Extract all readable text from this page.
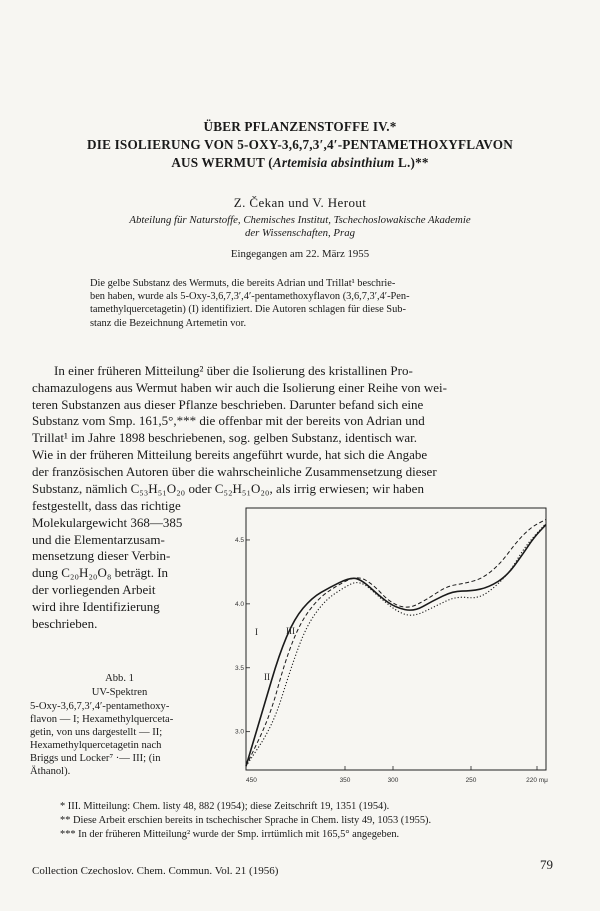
ÜBER PFLANZENSTOFFE IV.*
DIE ISOLIERUNG VON 5-OXY-3,6,7,3′,4′-PENTAMETHOXYFLAVON
AUS WERMUT (Artemisia absinthium L.)**
Z. Čekan und V. Herout
Abteilung für Naturstoffe, Chemisches Institut, Tschechoslowakische Akademie
der Wissenschaften, Prag
Eingegangen am 22. März 1955
Die gelbe Substanz des Wermuts, die bereits Adrian und Trillat¹ beschrie-
ben haben, wurde als 5-Oxy-3,6,7,3′,4′-pentamethoxyflavon (3,6,7,3′,4′-Pen-
tamethylquercetagetin) (I) identifiziert. Die Autoren schlagen für diese Sub-
stanz die Bezeichnung Artemetin vor.
In einer früheren Mitteilung² über die Isolierung des kristallinen Pro-
chamazulogens aus Wermut haben wir auch die Isolierung einer Reihe von wei-
teren Substanzen aus dieser Pflanze beschrieben. Darunter befand sich eine
Substanz vom Smp. 161,5°,*** die offenbar mit der bereits von Adrian und
Trillat¹ im Jahre 1898 beschriebenen, sog. gelben Substanz, identisch war.
Wie in der früheren Mitteilung bereits angeführt wurde, hat sich die Angabe
der französischen Autoren über die wahrscheinliche Zusammensetzung dieser
Substanz, nämlich C₅₃H₅₁O₂₀ oder C₅₂H₅₁O₂₀, als irrig erwiesen; wir haben
festgestellt, dass das richtige
Molekulargewicht 368—385
und die Elementarzusam-
mensetzung dieser Verbin-
dung C₂₀H₂₀O₈ beträgt. In
der vorliegenden Arbeit
wird ihre Identifizierung
beschrieben.
Abb. 1
UV-Spektren
5-Oxy-3,6,7,3′,4′-pentamethoxy-
flavon — I; Hexamethylquercetа-
getin, von uns dargestellt — II;
Hexamethylquercetagetin nach
Briggs und Locker⁷ ·— III; (in
Äthanol).
4.5
4.0
3.5
3.0
450	350	300	250	220 mμ
I	III
II
* III. Mitteilung: Chem. listy 48, 882 (1954); diese Zeitschrift 19, 1351 (1954).
** Diese Arbeit erschien bereits in tschechischer Sprache in Chem. listy 49, 1053 (1955).
*** In der früheren Mitteilung² wurde der Smp. irrtümlich mit 165,5° angegeben.
Collection Czechoslov. Chem. Commun. Vol. 21 (1956)	79
